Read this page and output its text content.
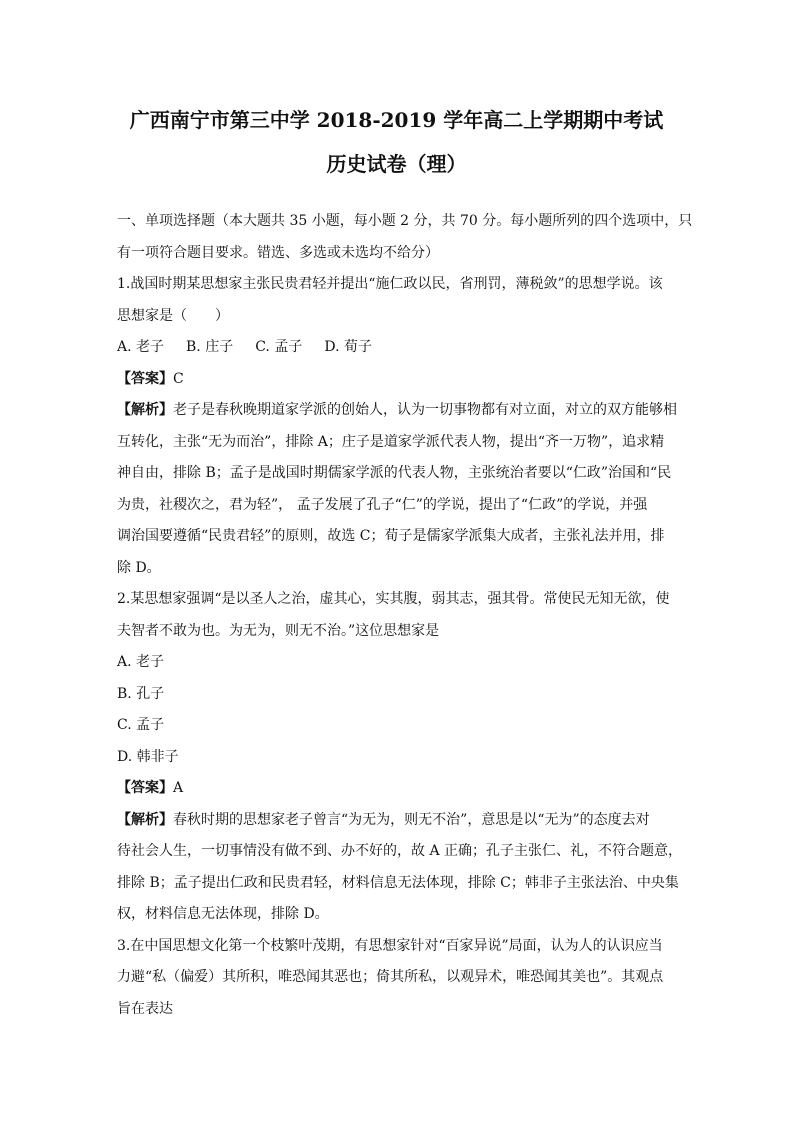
广西南宁市第三中学 2018-2019 学年高二上学期期中考试
历史试卷（理）
一、单项选择题（本大题共 35 小题，每小题 2 分，共 70 分。每小题所列的四个选项中，只
有一项符合题目要求。错选、多选或未选均不给分）
1.战国时期某思想家主张民贵君轻并提出“施仁政以民，省刑罚，薄税敛”的思想学说。该
思想家是（　　）
A. 老子 B. 庄子 C. 孟子 D. 荀子
【答案】C
【解析】老子是春秋晚期道家学派的创始人，认为一切事物都有对立面，对立的双方能够相
互转化，主张“无为而治”，排除 A；庄子是道家学派代表人物，提出“齐一万物”，追求精
神自由，排除 B；孟子是战国时期儒家学派的代表人物，主张统治者要以“仁政”治国和“民
为贵，社稷次之，君为轻”， 孟子发展了孔子“仁”的学说，提出了“仁政”的学说，并强
调治国要遵循“民贵君轻”的原则，故选 C；荀子是儒家学派集大成者，主张礼法并用，排
除 D。
2.某思想家强调“是以圣人之治，虚其心，实其腹，弱其志，强其骨。常使民无知无欲，使
夫智者不敢为也。为无为，则无不治。”这位思想家是
A. 老子
B. 孔子
C. 孟子
D. 韩非子
【答案】A
【解析】春秋时期的思想家老子曾言“为无为，则无不治”，意思是以“无为”的态度去对
待社会人生，一切事情没有做不到、办不好的，故 A 正确；孔子主张仁、礼，不符合题意，
排除 B；孟子提出仁政和民贵君轻，材料信息无法体现，排除 C；韩非子主张法治、中央集
权，材料信息无法体现，排除 D。
3.在中国思想文化第一个枝繁叶茂期，有思想家针对“百家异说”局面，认为人的认识应当
力避“私（偏爱）其所积，唯恐闻其恶也；倚其所私，以观异术，唯恐闻其美也”。其观点
旨在表达
